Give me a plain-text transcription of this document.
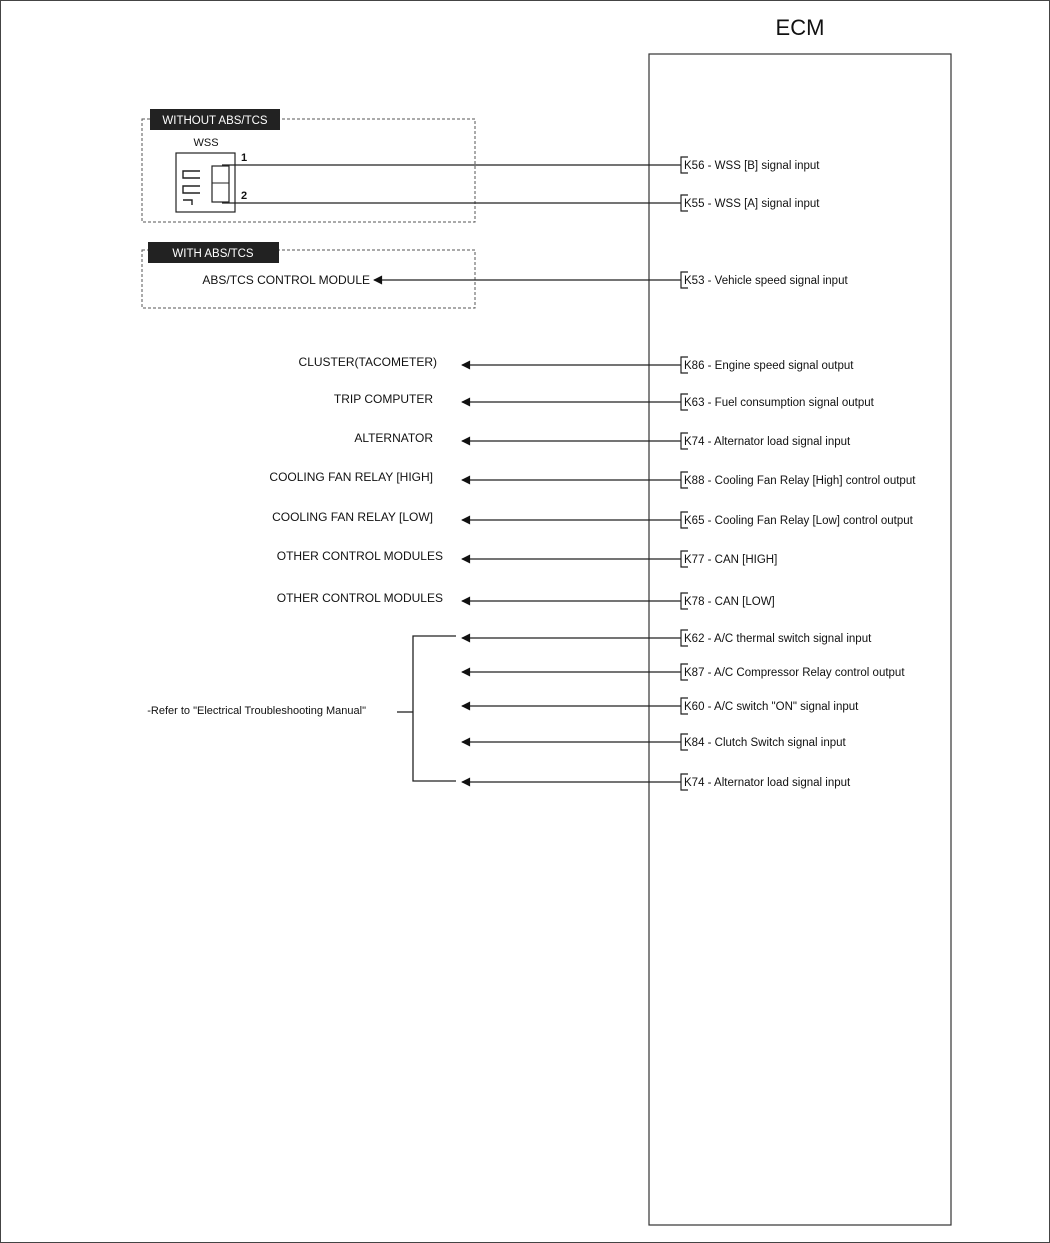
ECM
WITHOUT ABS/TCS
WSS
1
2
WITH ABS/TCS
ABS/TCS CONTROL MODULE
K56 - WSS [B] signal input
K55 - WSS [A] signal input
K53 - Vehicle speed signal input
K86 - Engine speed signal output
K63 - Fuel consumption signal output
K74 - Alternator load signal input
K88 - Cooling Fan Relay [High] control output
K65 - Cooling Fan Relay [Low] control output
K77 - CAN [HIGH]
K78 - CAN [LOW]
K62 - A/C thermal switch signal input
K87 - A/C Compressor Relay control output
K60 - A/C switch "ON" signal input
K84 - Clutch Switch signal input
K74 - Alternator load signal input
CLUSTER(TACOMETER)
TRIP COMPUTER
ALTERNATOR
COOLING FAN RELAY [HIGH]
COOLING FAN RELAY [LOW]
OTHER CONTROL MODULES
OTHER CONTROL MODULES
-Refer to "Electrical Troubleshooting Manual"
